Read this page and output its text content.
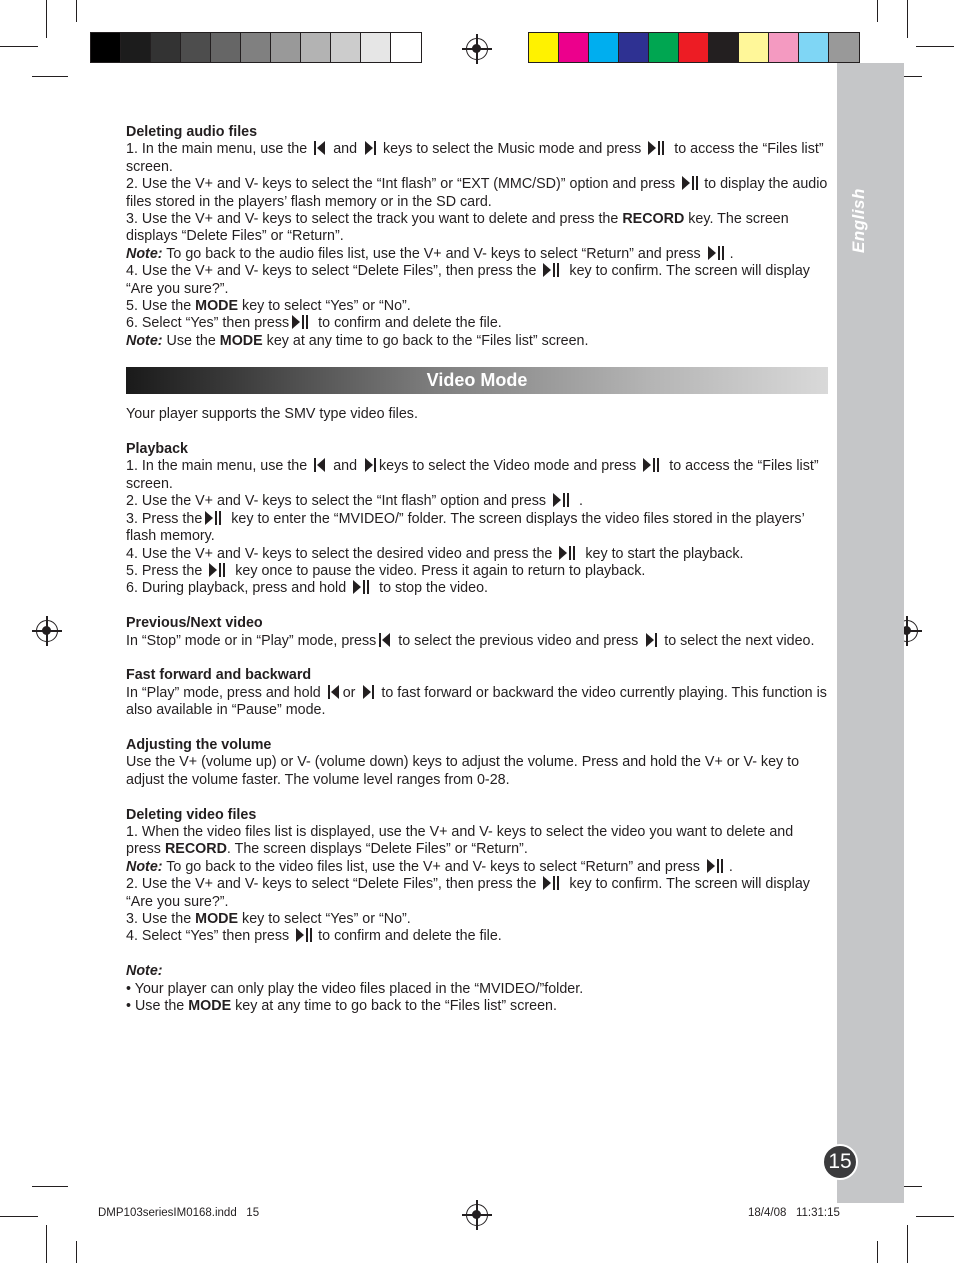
English
15

Deleting audio files

1. In the main menu, use the and keys to select the Music mode and press to access the “Files list” screen.

2. Use the V+ and V- keys to select the “Int flash” or “EXT (MMC/SD)” option and press to display the audio files stored in the players’ flash memory or in the SD card.

3. Use the V+ and V- keys to select the track you want to delete and press the RECORD key. The screen displays “Delete Files” or “Return”.

Note: To go back to the audio files list, use the V+ and V- keys to select “Return” and press .

4. Use the V+ and V- keys to select “Delete Files”, then press the key to confirm. The screen will display “Are you sure?”.

5. Use the MODE key to select “Yes” or “No”.

6. Select “Yes” then press to confirm and delete the file.

Note: Use the MODE key at any time to go back to the “Files list” screen.

Video Mode

Your player supports the SMV type video files.

Playback

1. In the main menu, use the and keys to select the Video mode and press to access the “Files list” screen.

2. Use the V+ and V- keys to select the “Int flash” option and press .

3. Press the key to enter the “MVIDEO/” folder. The screen displays the video files stored in the players’ flash memory.

4. Use the V+ and V- keys to select the desired video and press the key to start the playback.

5. Press the key once to pause the video. Press it again to return to playback.

6. During playback, press and hold to stop the video.

Previous/Next video

In “Stop” mode or in “Play” mode, press to select the previous video and press to select the next video.

Fast forward and backward

In “Play” mode, press and hold or to fast forward or backward the video currently playing. This function is also available in “Pause” mode.

Adjusting the volume

Use the V+ (volume up) or V- (volume down) keys to adjust the volume. Press and hold the V+ or V- key to adjust the volume faster. The volume level ranges from 0-28.

Deleting video files

1. When the video files list is displayed, use the V+ and V- keys to select the video you want to delete and press RECORD. The screen displays “Delete Files” or “Return”.

Note: To go back to the video files list, use the V+ and V- keys to select “Return” and press .

2. Use the V+ and V- keys to select “Delete Files”, then press the key to confirm. The screen will display “Are you sure?”.

3. Use the MODE key to select “Yes” or “No”.

4. Select “Yes” then press to confirm and delete the file.

Note:

• Your player can only play the video files placed in the “MVIDEO/”folder.

• Use the MODE key at any time to go back to the “Files list” screen.

DMP103seriesIM0168.indd   15	18/4/08   11:31:15
